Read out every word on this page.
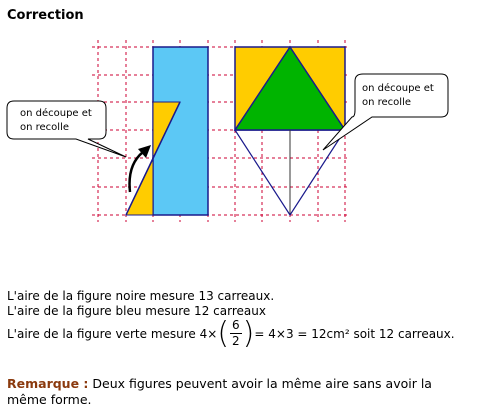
Correction
on découpe et
on recolle
on découpe et
on recolle
L'aire de la figure noire mesure 13 carreaux.
L'aire de la figure bleu mesure 12 carreaux
L'aire de la figure verte mesure 4× ( $\frac{6}{2}$ ) = 4×3 = 12cm² soit 12 carreaux.
Remarque : Deux figures peuvent avoir la même aire sans avoir la même forme.
